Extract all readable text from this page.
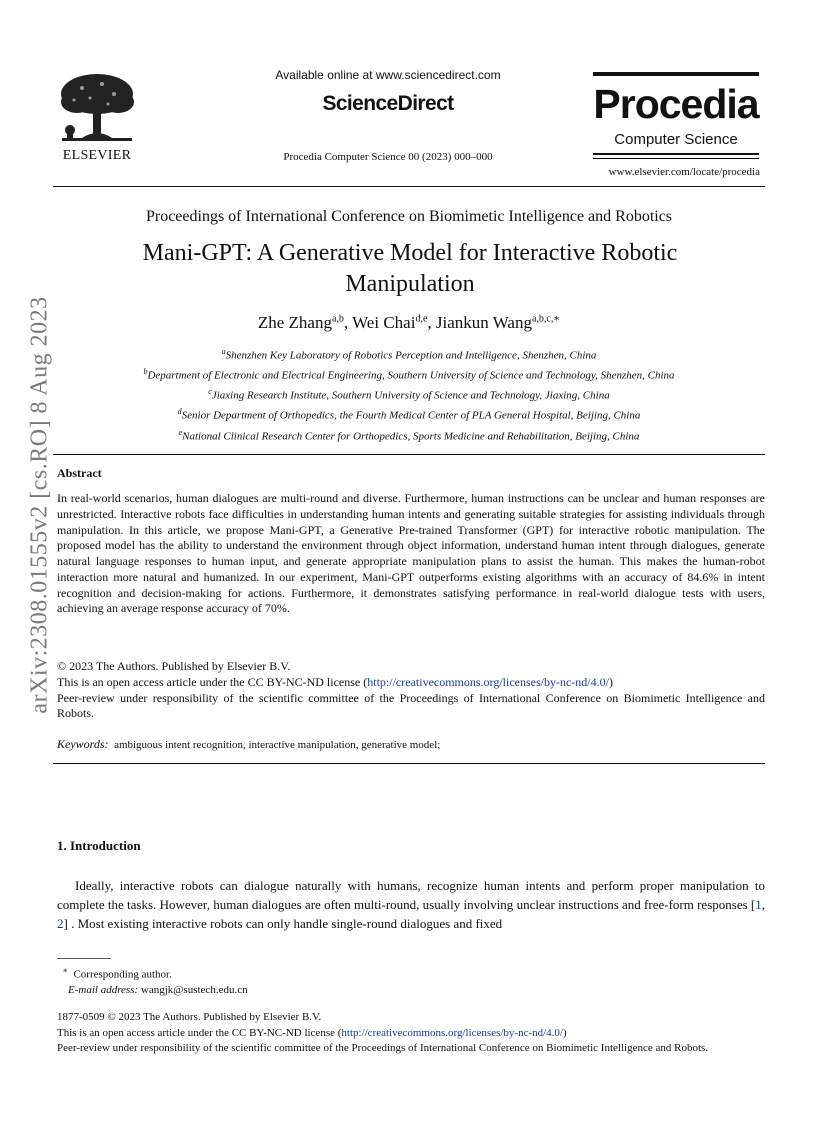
ELSEVIER
Available online at www.sciencedirect.com
ScienceDirect
Procedia Computer Science 00 (2023) 000–000
Procedia
Computer Science
www.elsevier.com/locate/procedia
arXiv:2308.01555v2 [cs.RO] 8 Aug 2023
Proceedings of International Conference on Biomimetic Intelligence and Robotics
Mani-GPT: A Generative Model for Interactive Robotic Manipulation
Zhe Zhang$^{a,b}$, Wei Chai$^{d,e}$, Jiankun Wang$^{a,b,c,∗}$
$^a$Shenzhen Key Laboratory of Robotics Perception and Intelligence, Shenzhen, China
$^b$Department of Electronic and Electrical Engineering, Southern University of Science and Technology, Shenzhen, China
$^c$Jiaxing Research Institute, Southern University of Science and Technology, Jiaxing, China
$^d$Senior Department of Orthopedics, the Fourth Medical Center of PLA General Hospital, Beijing, China
$^e$National Clinical Research Center for Orthopedics, Sports Medicine and Rehabilitation, Beijing, China
Abstract
In real-world scenarios, human dialogues are multi-round and diverse. Furthermore, human instructions can be unclear and human responses are unrestricted. Interactive robots face difficulties in understanding human intents and generating suitable strategies for assisting individuals through manipulation. In this article, we propose Mani-GPT, a Generative Pre-trained Transformer (GPT) for interactive robotic manipulation. The proposed model has the ability to understand the environment through object information, understand human intent through dialogues, generate natural language responses to human input, and generate appropriate manipulation plans to assist the human. This makes the human-robot interaction more natural and humanized. In our experiment, Mani-GPT outperforms existing algorithms with an accuracy of 84.6% in intent recognition and decision-making for actions. Furthermore, it demonstrates satisfying performance in real-world dialogue tests with users, achieving an average response accuracy of 70%.
© 2023 The Authors. Published by Elsevier B.V.
This is an open access article under the CC BY-NC-ND license (http://creativecommons.org/licenses/by-nc-nd/4.0/)
Peer-review under responsibility of the scientific committee of the Proceedings of International Conference on Biomimetic Intelligence and Robots.
Keywords: ambiguous intent recognition, interactive manipulation, generative model;
1. Introduction
Ideally, interactive robots can dialogue naturally with humans, recognize human intents and perform proper manipulation to complete the tasks. However, human dialogues are often multi-round, usually involving unclear instructions and free-form responses [1, 2] . Most existing interactive robots can only handle single-round dialogues and fixed
∗ Corresponding author.
E-mail address: wangjk@sustech.edu.cn
1877-0509 © 2023 The Authors. Published by Elsevier B.V.
This is an open access article under the CC BY-NC-ND license (http://creativecommons.org/licenses/by-nc-nd/4.0/)
Peer-review under responsibility of the scientific committee of the Proceedings of International Conference on Biomimetic Intelligence and Robots.
